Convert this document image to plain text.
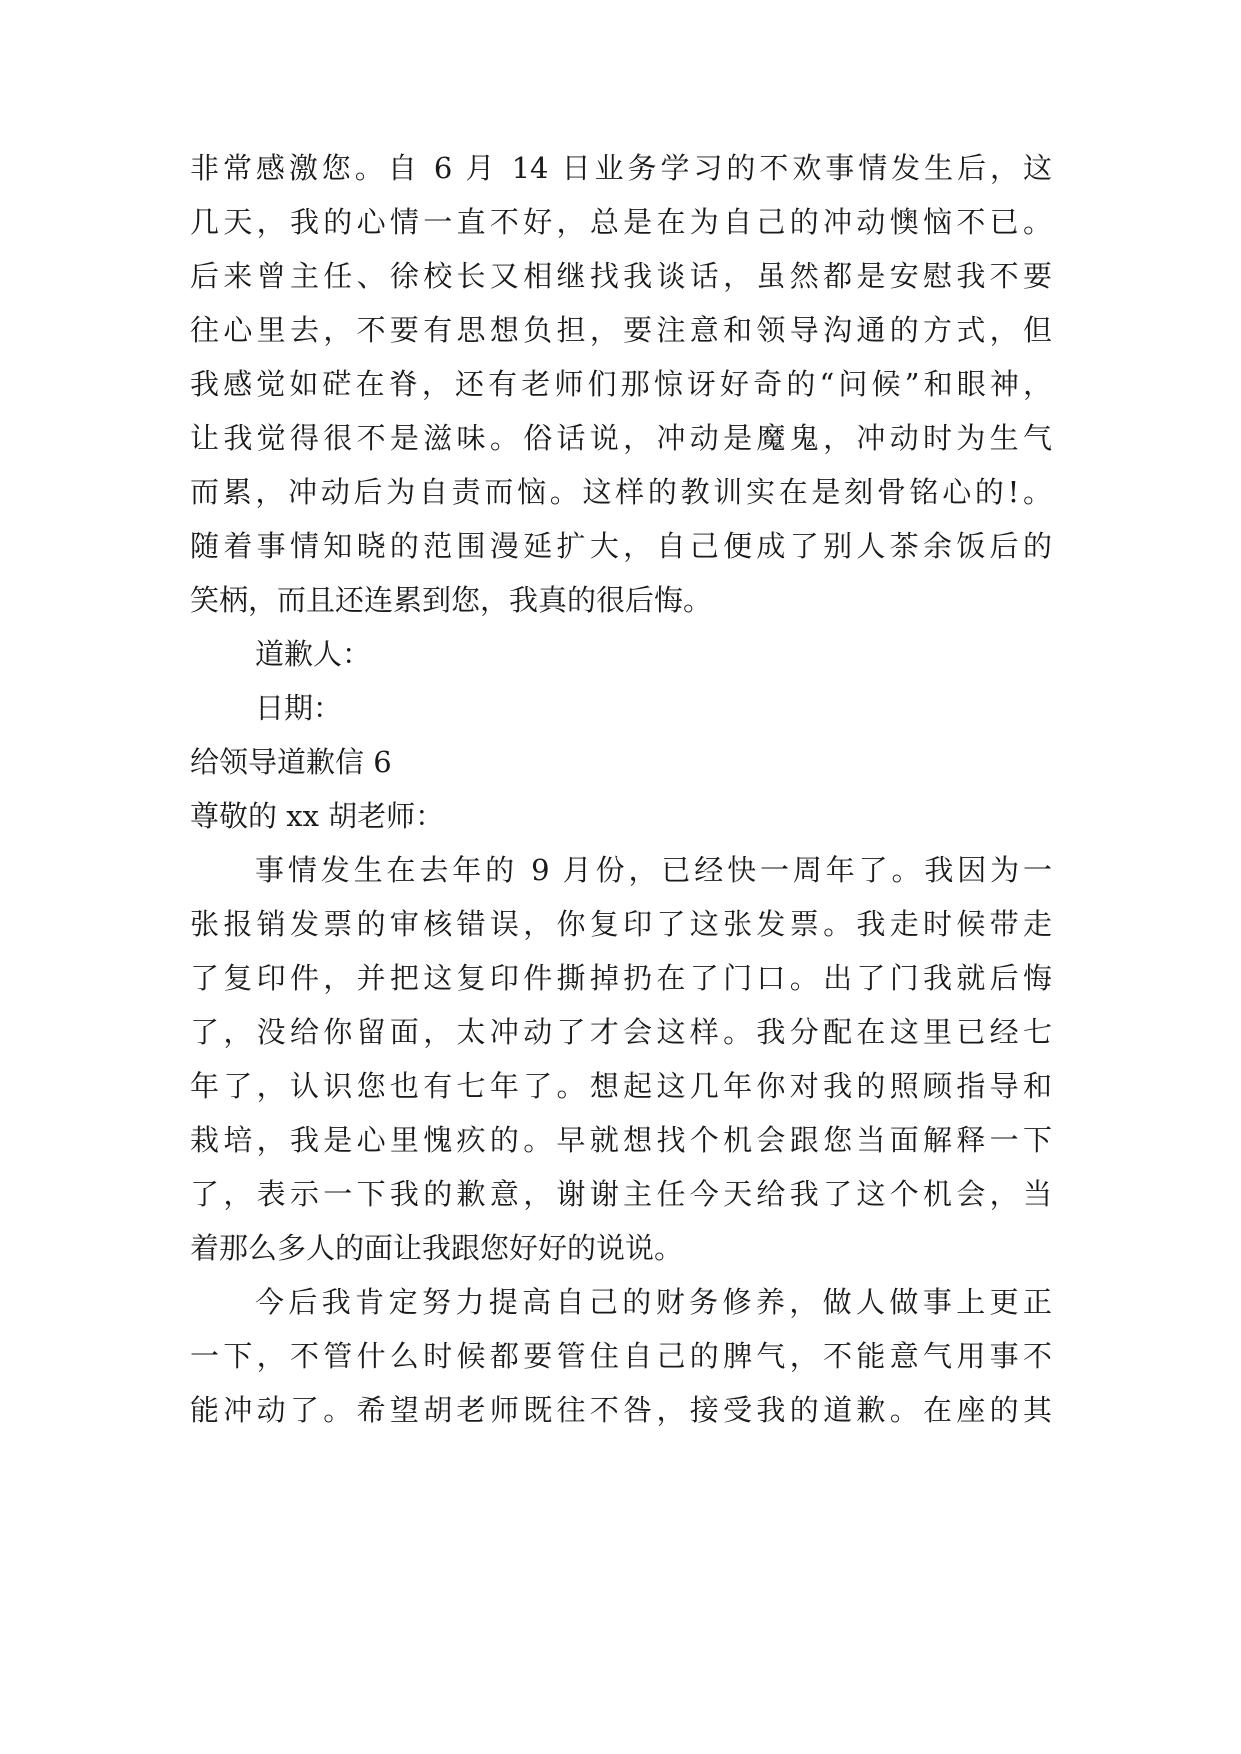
非常感激您。自 6 月 14 日业务学习的不欢事情发生后，这

几天，我的心情一直不好，总是在为自己的冲动懊恼不已。

后来曾主任、徐校长又相继找我谈话，虽然都是安慰我不要

往心里去，不要有思想负担，要注意和领导沟通的方式，但

我感觉如硭在脊，还有老师们那惊讶好奇的“问候”和眼神，

让我觉得很不是滋味。俗话说，冲动是魔鬼，冲动时为生气

而累，冲动后为自责而恼。这样的教训实在是刻骨铭心的!。

随着事情知晓的范围漫延扩大，自己便成了别人茶余饭后的

笑柄，而且还连累到您，我真的很后悔。

道歉人：

日期：

给领导道歉信 6

尊敬的 xx 胡老师：

事情发生在去年的 9 月份，已经快一周年了。我因为一

张报销发票的审核错误，你复印了这张发票。我走时候带走

了复印件，并把这复印件撕掉扔在了门口。出了门我就后悔

了，没给你留面，太冲动了才会这样。我分配在这里已经七

年了，认识您也有七年了。想起这几年你对我的照顾指导和

栽培，我是心里愧疚的。早就想找个机会跟您当面解释一下

了，表示一下我的歉意，谢谢主任今天给我了这个机会，当

着那么多人的面让我跟您好好的说说。

今后我肯定努力提高自己的财务修养，做人做事上更正

一下，不管什么时候都要管住自己的脾气，不能意气用事不

能冲动了。希望胡老师既往不咎，接受我的道歉。在座的其
